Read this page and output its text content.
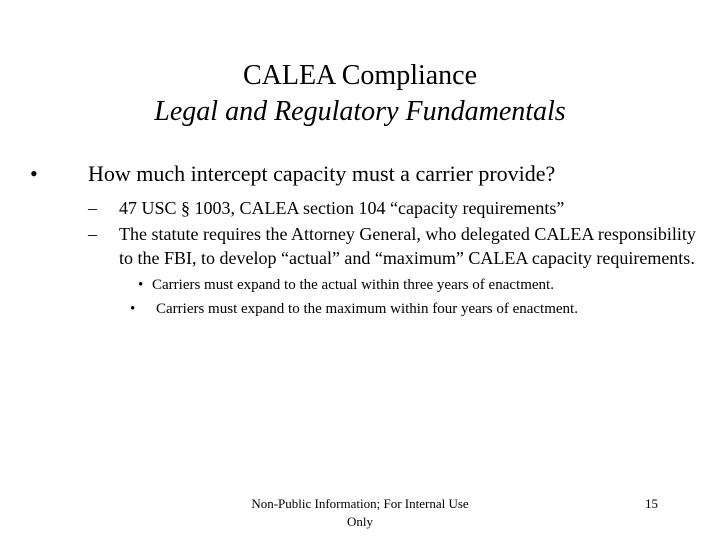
CALEA Compliance
Legal and Regulatory Fundamentals
• How much intercept capacity must a carrier provide?
– 47 USC § 1003, CALEA section 104 “capacity requirements”
– The statute requires the Attorney General, who delegated CALEA responsibility to the FBI, to develop “actual” and “maximum” CALEA capacity requirements.
• Carriers must expand to the actual within three years of enactment.
• Carriers must expand to the maximum within four years of enactment.
Non-Public Information; For Internal Use Only
15
